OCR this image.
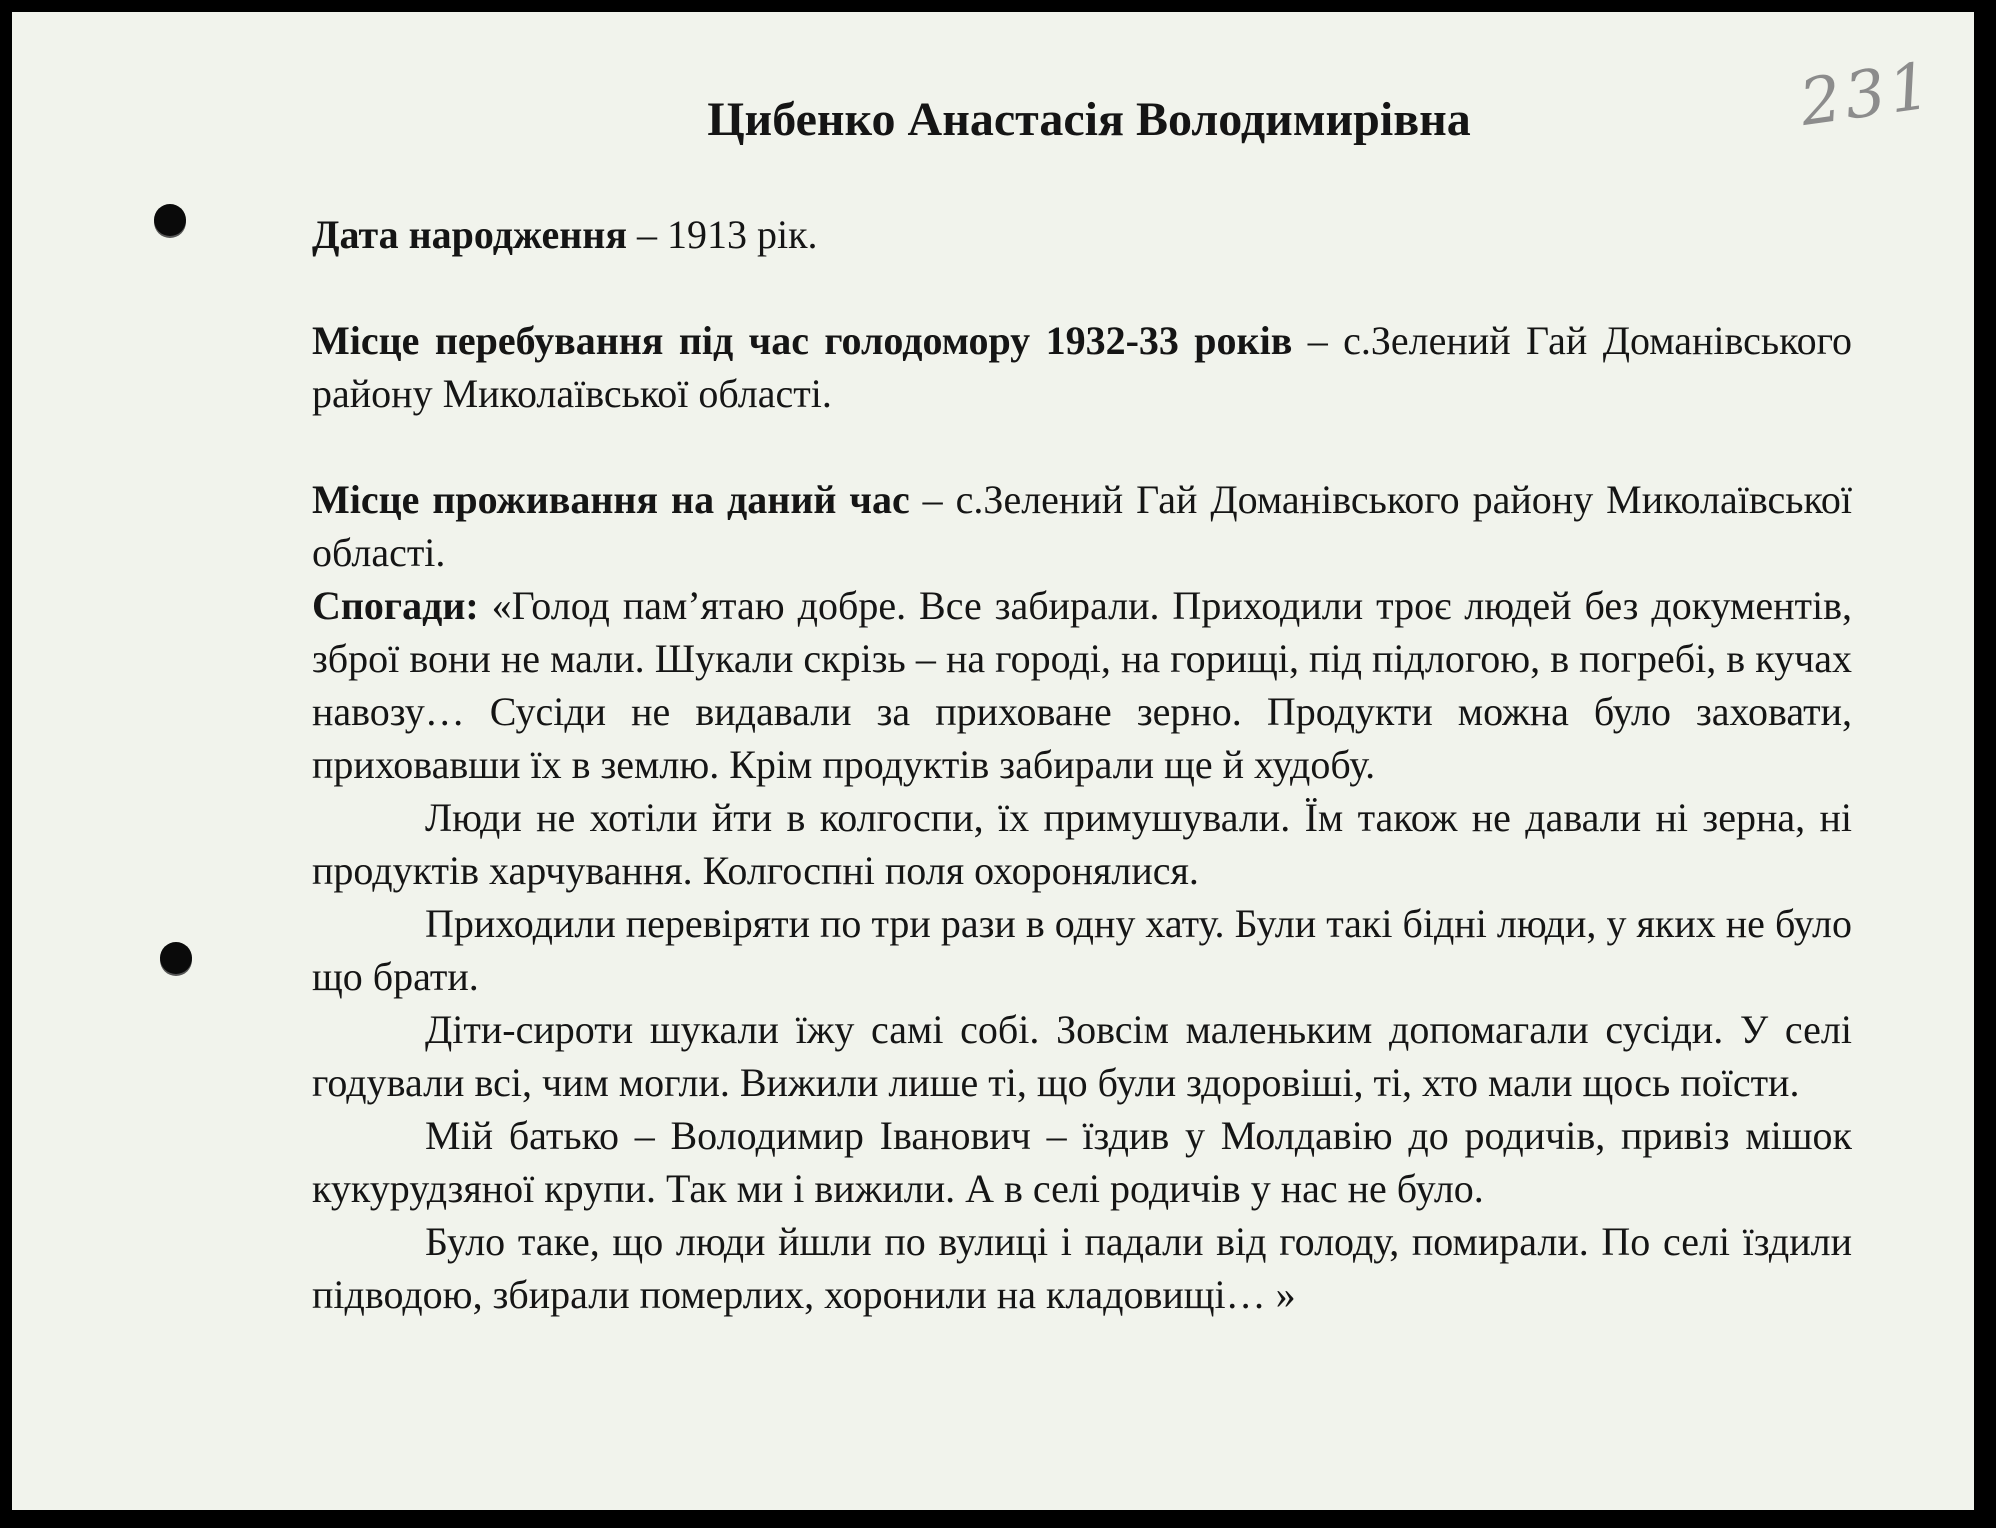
231
Цибенко Анастасія Володимирівна

Дата народження – 1913 рік.

Місце перебування під час голодомору 1932-33 років – с.Зелений Гай Доманівського району Миколаївської області.

Місце проживання на даний час – с.Зелений Гай Доманівського району Миколаївської області.

Спогади: «Голод пам’ятаю добре. Все забирали. Приходили троє людей без документів, зброї вони не мали. Шукали скрізь – на городі, на горищі, під підлогою, в погребі, в кучах навозу… Сусіди не видавали за приховане зерно. Продукти можна було заховати, приховавши їх в землю. Крім продуктів забирали ще й худобу.

Люди не хотіли йти в колгоспи, їх примушували. Їм також не давали ні зерна, ні продуктів харчування. Колгоспні поля охоронялися.

Приходили перевіряти по три рази в одну хату. Були такі бідні люди, у яких не було що брати.

Діти-сироти шукали їжу самі собі. Зовсім маленьким допомагали сусіди. У селі годували всі, чим могли. Вижили лише ті, що були здоровіші, ті, хто мали щось поїсти.

Мій батько – Володимир Іванович – їздив у Молдавію до родичів, привіз мішок кукурудзяної крупи. Так ми і вижили. А в селі родичів у нас не було.

Було таке, що люди йшли по вулиці і падали від голоду, помирали. По селі їздили підводою, збирали померлих, хоронили на кладовищі… »
